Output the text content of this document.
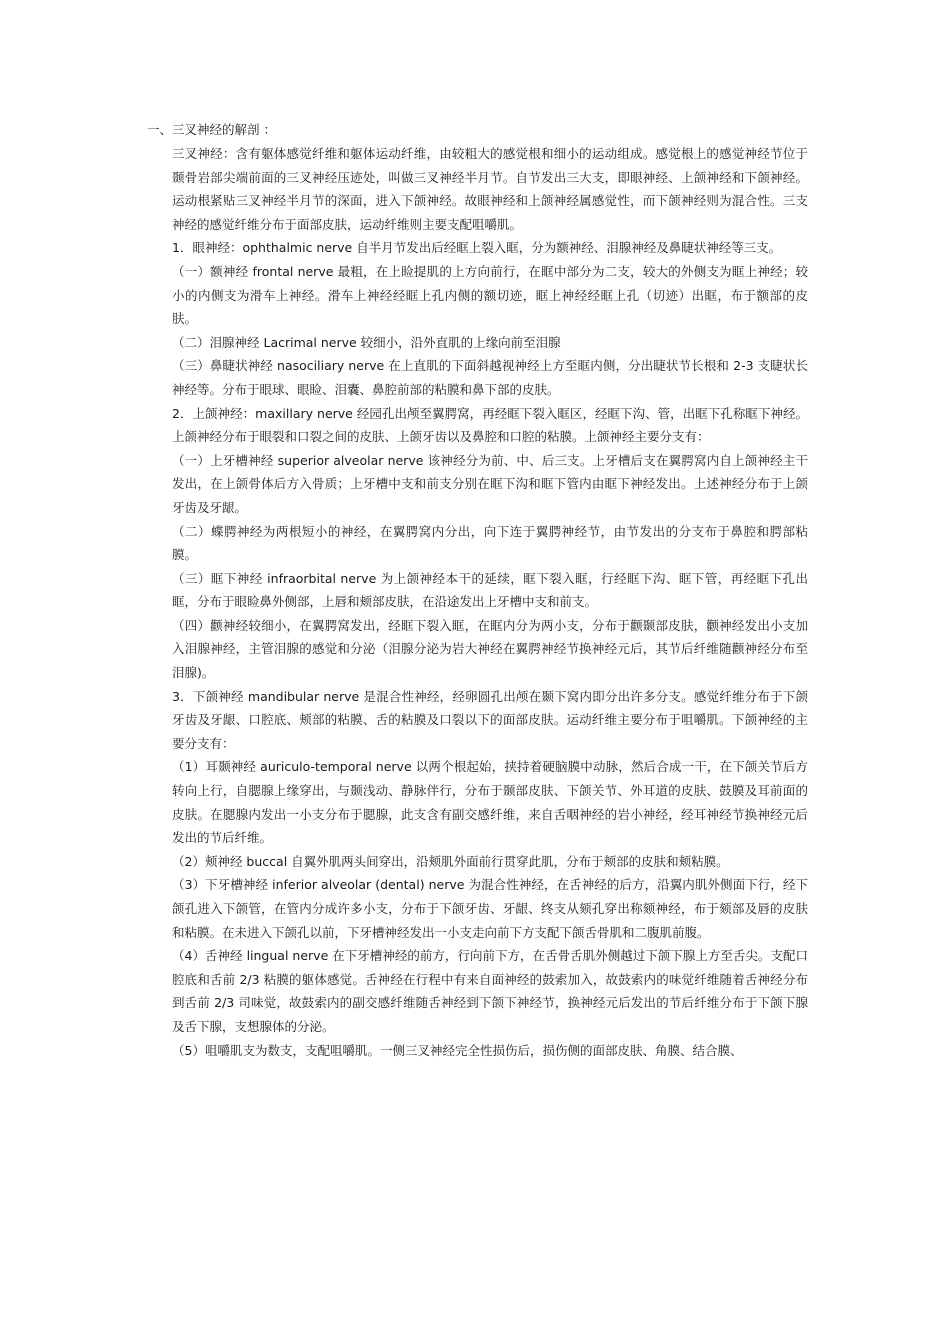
一、三叉神经的解剖 ：

三叉神经：含有躯体感觉纤维和躯体运动纤维，由较粗大的感觉根和细小的运动组成。感觉根上的感觉神经节位于颞骨岩部尖端前面的三叉神经压迹处，叫做三叉神经半月节。自节发出三大支，即眼神经、上颌神经和下颌神经。运动根紧贴三叉神经半月节的深面，进入下颌神经。故眼神经和上颌神经属感觉性，而下颌神经则为混合性。三支神经的感觉纤维分布于面部皮肤，运动纤维则主要支配咀嚼肌。

1．眼神经：ophthalmic nerve 自半月节发出后经眶上裂入眶，分为额神经、泪腺神经及鼻睫状神经等三支。

（一）额神经 frontal nerve 最粗，在上睑提肌的上方向前行，在眶中部分为二支，较大的外侧支为眶上神经；较小的内侧支为滑车上神经。滑车上神经经眶上孔内侧的额切迹，眶上神经经眶上孔（切迹）出眶，布于额部的皮肤。

（二）泪腺神经 Lacrimal nerve 较细小，沿外直肌的上缘向前至泪腺

（三）鼻睫状神经 nasociliary nerve 在上直肌的下面斜越视神经上方至眶内侧，分出睫状节长根和 2-3 支睫状长神经等。分布于眼球、眼睑、泪囊、鼻腔前部的粘膜和鼻下部的皮肤。

2．上颌神经：maxillary nerve 经园孔出颅至翼腭窝，再经眶下裂入眶区，经眶下沟、管，出眶下孔称眶下神经。上颌神经分布于眼裂和口裂之间的皮肤、上颌牙齿以及鼻腔和口腔的粘膜。上颌神经主要分支有：

（一）上牙槽神经 superior alveolar nerve 该神经分为前、中、后三支。上牙槽后支在翼腭窝内自上颌神经主干发出，在上颌骨体后方入骨质；上牙槽中支和前支分别在眶下沟和眶下管内由眶下神经发出。上述神经分布于上颌牙齿及牙龈。

（二）蝶腭神经为两根短小的神经，在翼腭窝内分出，向下连于翼腭神经节，由节发出的分支布于鼻腔和腭部粘膜。

（三）眶下神经 infraorbital nerve 为上颌神经本干的延续，眶下裂入眶，行经眶下沟、眶下管，再经眶下孔出眶，分布于眼睑鼻外侧部，上唇和颊部皮肤，在沿途发出上牙槽中支和前支。

（四）颧神经较细小，在翼腭窝发出，经眶下裂入眶，在眶内分为两小支，分布于颧颞部皮肤，颧神经发出小支加入泪腺神经，主管泪腺的感觉和分泌（泪腺分泌为岩大神经在翼腭神经节换神经元后，其节后纤维随颧神经分布至泪腺)。

3．下颌神经 mandibular nerve 是混合性神经，经卵圆孔出颅在颞下窝内即分出许多分支。感觉纤维分布于下颌牙齿及牙龈、口腔底、颊部的粘膜、舌的粘膜及口裂以下的面部皮肤。运动纤维主要分布于咀嚼肌。下颌神经的主要分支有：

（1）耳颞神经 auriculo-temporal nerve 以两个根起始，挟持着硬脑膜中动脉，然后合成一干，在下颌关节后方转向上行，自腮腺上缘穿出，与颞浅动、静脉伴行，分布于颞部皮肤、下颌关节、外耳道的皮肤、鼓膜及耳前面的皮肤。在腮腺内发出一小支分布于腮腺，此支含有副交感纤维，来自舌咽神经的岩小神经，经耳神经节换神经元后发出的节后纤维。

（2）颊神经 buccal 自翼外肌两头间穿出，沿颊肌外面前行贯穿此肌，分布于颊部的皮肤和颊粘膜。

（3）下牙槽神经 inferior alveolar (dental) nerve 为混合性神经，在舌神经的后方，沿翼内肌外侧面下行，经下颌孔进入下颌管，在管内分成许多小支，分布于下颌牙齿、牙龈、终支从颏孔穿出称颏神经，布于颏部及唇的皮肤和粘膜。在未进入下颌孔以前，下牙槽神经发出一小支走向前下方支配下颌舌骨肌和二腹肌前腹。

（4）舌神经 lingual nerve 在下牙槽神经的前方，行向前下方，在舌骨舌肌外侧越过下颌下腺上方至舌尖。支配口腔底和舌前 2/3 粘膜的躯体感觉。舌神经在行程中有来自面神经的鼓索加入，故鼓索内的味觉纤维随着舌神经分布到舌前 2/3 司味觉，故鼓索内的副交感纤维随舌神经到下颌下神经节，换神经元后发出的节后纤维分布于下颌下腺及舌下腺，支想腺体的分泌。

（5）咀嚼肌支为数支，支配咀嚼肌。一侧三叉神经完全性损伤后，损伤侧的面部皮肤、角膜、结合膜、
